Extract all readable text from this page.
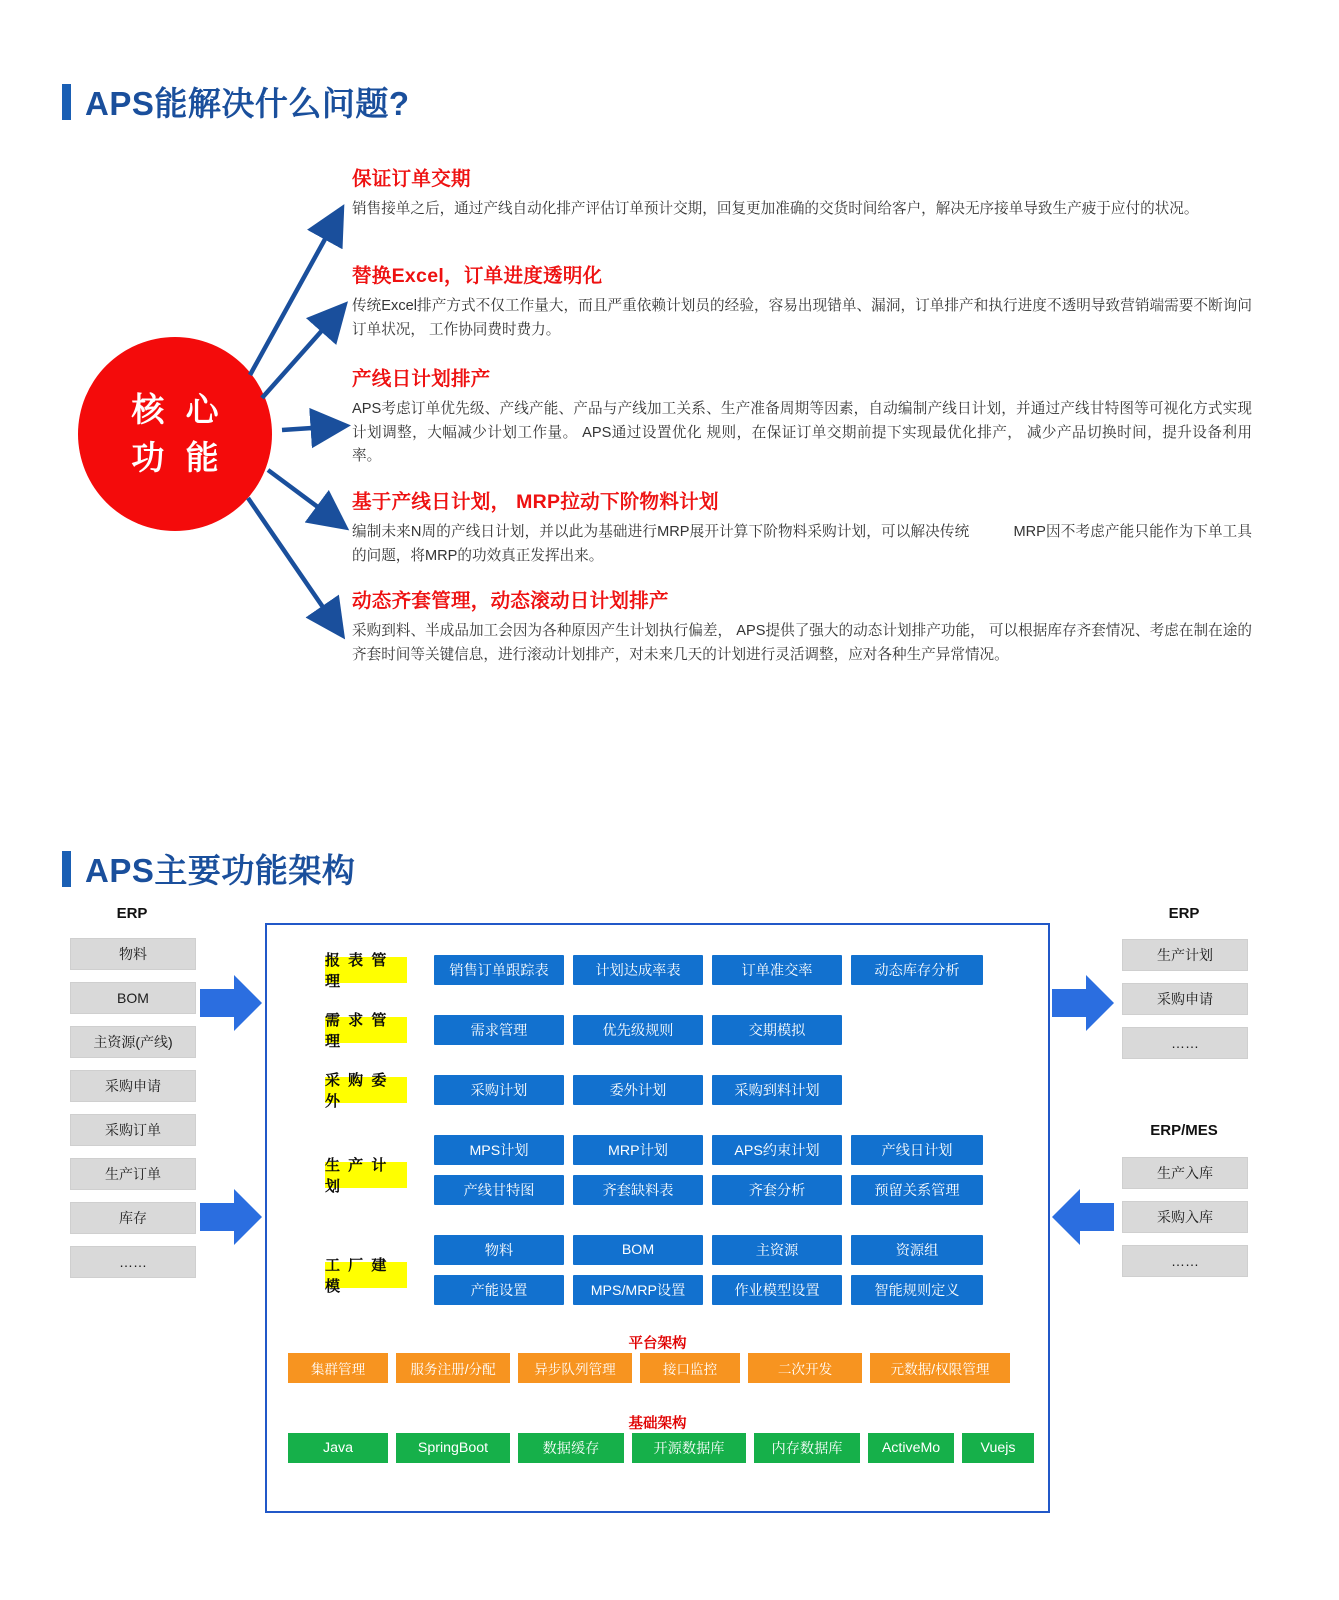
APS能解决什么问题?
核 心
功 能

保证订单交期

销售接单之后，通过产线自动化排产评估订单预计交期，回复更加准确的交货时间给客户，解决无序接单导致生产疲于应付的状况。

替换Excel，订单进度透明化

传统Excel排产方式不仅工作量大，而且严重依赖计划员的经验，容易出现错单、漏洞，订单排产和执行进度不透明导致营销端需要不断询问订单状况， 工作协同费时费力。

产线日计划排产

APS考虑订单优先级、产线产能、产品与产线加工关系、生产准备周期等因素，自动编制产线日计划，并通过产线甘特图等可视化方式实现计划调整，大幅减少计划工作量。 APS通过设置优化 规则，在保证订单交期前提下实现最优化排产， 减少产品切换时间，提升设备利用率。

基于产线日计划， MRP拉动下阶物料计划

编制未来N周的产线日计划，并以此为基础进行MRP展开计算下阶物料采购计划，可以解决传统　　　MRP因不考虑产能只能作为下单工具的问题，将MRP的功效真正发挥出来。

动态齐套管理，动态滚动日计划排产

采购到料、半成品加工会因为各种原因产生计划执行偏差， APS提供了强大的动态计划排产功能， 可以根据库存齐套情况、考虑在制在途的齐套时间等关键信息，进行滚动计划排产，对未来几天的计划进行灵活调整，应对各种生产异常情况。

APS主要功能架构
ERP
物料
BOM
主资源(产线)
采购申请
采购订单
生产订单
库存
……
ERP
生产计划
采购申请
……
ERP/MES
生产入库
采购入库
……
报 表 管 理
销售订单跟踪表	计划达成率表	订单准交率	动态库存分析
需 求 管 理
需求管理	优先级规则	交期模拟
采 购 委 外
采购计划	委外计划	采购到料计划
生 产 计 划
MPS计划	MRP计划	APS约束计划	产线日计划
产线甘特图	齐套缺料表	齐套分析	预留关系管理
工 厂 建 模
物料	BOM	主资源	资源组
产能设置	MPS/MRP设置	作业模型设置	智能规则定义
平台架构
集群管理	服务注册/分配	异步队列管理	接口监控	二次开发	元数据/权限管理
基础架构
Java	SpringBoot	数据缓存	开源数据库	内存数据库	ActiveMo	Vuejs
